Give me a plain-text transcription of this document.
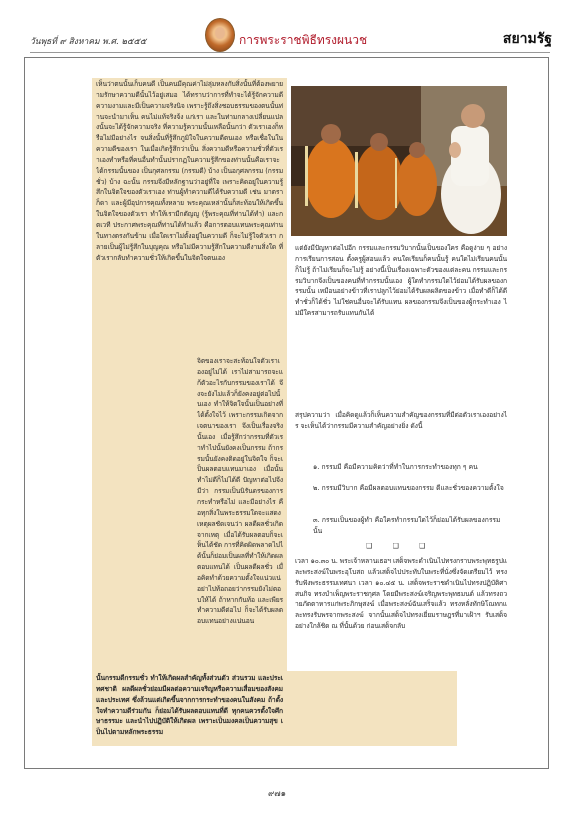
วันพุธที่ ๙ สิงหาคม พ.ศ. ๒๕๕๕	การพระราชพิธีทรงผนวช	สยามรัฐ

เห็นว่าตนนั้นเก็บคนดี เป็นคนมีคุณค่าไม่ลุ่มหลงกับสิ่งนั้นที่ต้องพยายามรักษาความดีนั้นไว้อยู่เสมอ ได้ทราบว่าการที่ทำจะได้รู้จักความดีความงามและมีเป็นความจริงนิจ เพราะรู้ถึงสิ่งชอบธรรมของตนนั้นท่านจะนำมาเห็น คนไม่แท้จริงจ้ง แก่เรา และในท่ามกลางเปลี่ยนแปลงนั้นจะได้รู้จักความจริง ที่ความรู้ความนั้นเหลือนั้นกว่า ตัวเราเองก็หรือไม่มีอย่างไร จนสิ่งนั้นที่รู้สึกภูมิใจในความดีตนเอง หรือเชื่อในในความดีของเรา ในเมื่อเกิดรู้สึกว่าเป็น สิ่งความดีหรือความชั่วที่ตัวเราเองทำหรือที่คนอื่นทำนั้นปรากฏในความรู้สึกของท่านนั้นคือเราจะได้กรรมนั้นของ เป็นกุศลกรรม (กรรมดี) บ้าง เป็นอกุศลกรรม (กรรมชั่ว) บ้าง ฉะนั้น กรรมจึงมีหลักฐานว่าอยู่ที่ใจ เพราะคิดอยู่ในความรู้สึกในจิตใจของตัวเราเอง ท่านผู้ทำความดีได้รับความดี เช่น มาตรา ก็ดา และผู้มีอุปการคุณทั้งหลาย พระคุณเหล่านั้นก็สะท้อนให้เกิดขึ้นในจิตใจของตัวเรา ทำให้เรามีกตัญญู (รู้พระคุณที่ท่านได้ทำ) และกตเวที ประกาศพระคุณที่ท่านได้ทำแล้ว คือการตอบแทนพระคุณท่านในทางตรงกันข้าม เมื่อใดเราไม่ตั้งอยู่ในความดี ก็จะไม่รู้ใจตัวเรา กลายเป็นผู้ไม่รู้สึกในบุญคุณ หรือไม่มีความรู้สึกในความดีงามสิ่งใด ที่ตัวเรากลับทำความชั่วให้เกิดขึ้นในจิตใจตนเอง

จิตของเราจะสะท้อนใจตัวเราเองอยู่ไม่ได้ เราไม่สามารถจะแก้ตัวอะไรกับกรรมของเราได้ จึงจะยังไม่แล้วก็ยังคงอยู่ต่อไปนั้นเอง ทำให้จิตใจนั้นเป็นอย่างที่ได้ตั้งใจไว้ เพราะกรรมเกิดจากเจตนาของเรา จึงเป็นเรื่องจริงนั้นเอง เมื่อรู้สึกว่ากรรมที่ตัวเราทำไปนั้นยังคงเป็นกรรม ถ้ากรรมนั้นยังคงติดอยู่ในจิตใจ ก็จะเป็นผลตอบแทนมาเอง เมื่อนั้น ทำไม่ดีก็ไม่ได้ดี ปัญหาต่อไปจึงมีว่า กรรมเป็นนิรันดรของการกระทำหรือไม่ และมีอย่างไร คือทุกสิ่งในพระธรรมใดจะแสดงเหตุผลชัดเจนว่า ผลดีผลชั่วเกิดจากเหตุ เมื่อได้รับผลตอบก็จะเห็นได้ชัด การที่คิดผิดพลาดไปได้นั้นก็ย่อมเป็นผลที่ทำให้เกิดผลตอบแทนได้ เป็นผลดีผลชั่ว เมื่อคิดทำด้วยความตั้งใจแน่วแน่ อย่าไปท้อถอยว่ากรรมยังไม่ตอบให้ได้ ถ้าหากกันท้อ และเพียรทำความดีต่อไป ก็จะได้รับผลตอบแทนอย่างแน่นอน

นั้นกรรมดีกรรมชั่ว ทำให้เกิดผลสำคัญทั้งส่วนตัว ส่วนรวม และประเทศชาติ ผลดีผลชั่วย่อมมีผลต่อความเจริญหรือความเสื่อมของสังคมและประเทศ ซึ่งล้วนแต่เกิดขึ้นจากการกระทำของคนในสังคม ถ้าตั้งใจทำความดีร่วมกัน ก็ย่อมได้รับผลตอบแทนที่ดี ทุกคนควรตั้งใจศึกษาธรรมะ และนำไปปฏิบัติให้เกิดผล เพราะเป็นมงคลเป็นความสุข เป็นไปตามหลักพระธรรม

แต่ยังมีปัญหาต่อไปอีก กรรมและกรรมวิบากนั้นเป็นของใคร คือดูง่าย ๆ อย่างการเรียนการสอน ตั้งครูผู้สอนแล้ว คนใดเรียนก็คนนั้นรู้ คนใดไม่เรียนคนนั้นก็ไม่รู้ ถ้าไม่เรียนก็จะไม่รู้ อย่างนี้เป็นเรื่องเฉพาะตัวของแต่ละคน กรรมและกรรมวิบากจึงเป็นของคนที่ทำกรรมนั้นเอง ผู้ใดทำกรรมใดไว้ย่อมได้รับผลของกรรมนั้น เหมือนอย่างข้าวที่เราปลูกไว้ย่อมได้รับผลผลิตของข้าว เมื่อทำดีก็ได้ดี ทำชั่วก็ได้ชั่ว ไม่ใช่คนอื่นจะได้รับแทน ผลของกรรมจึงเป็นของผู้กระทำเอง ไม่มีใครสามารถรับแทนกันได้

สรุปความว่า เมื่อคิดดูแล้วก็เห็นความสำคัญของกรรมที่มีต่อตัวเราเองอย่างไร จะเห็นได้ว่ากรรมมีความสำคัญอย่างยิ่ง ดังนี้

๑. กรรมมี คือมีความคิดว่าที่ทำในการกระทำของทุก ๆ คน

๒. กรรมมีวิบาก คือมีผลตอบแทนของกรรม ดีและชั่วของความตั้งใจ

๓. กรรมเป็นของผู้ทำ คือใครทำกรรมใดไว้ก็ย่อมได้รับผลของกรรมนั้น

❑ ❑ ❑

เวลา ๑๐.๓๐ น. พระเจ้าหลานเธอฯ เสด็จพระดำเนินไปทรงกราบพระพุทธรูปและพระสงฆ์ในพระอุโบสถ แล้วเสด็จไปประทับในพระที่นั่งซึ่งจัดเตรียมไว้ ทรงรับฟังพระธรรมเทศนา เวลา ๑๐.๔๕ น. เสด็จพระราชดำเนินไปทรงปฏิบัติศาสนกิจ ทรงบำเพ็ญพระราชกุศล โดยมีพระสงฆ์เจริญพระพุทธมนต์ แล้วทรงถวายภัตตาหารแก่พระภิกษุสงฆ์ เมื่อพระสงฆ์ฉันเสร็จแล้ว ทรงหลั่งทักษิโณทกและทรงรับพรจากพระสงฆ์ จากนั้นเสด็จไปทรงเยี่ยมราษฎรที่มาเฝ้าฯ รับเสด็จ อย่างใกล้ชิด ณ ที่นั้นด้วย ก่อนเสด็จกลับ

๙๗๑
